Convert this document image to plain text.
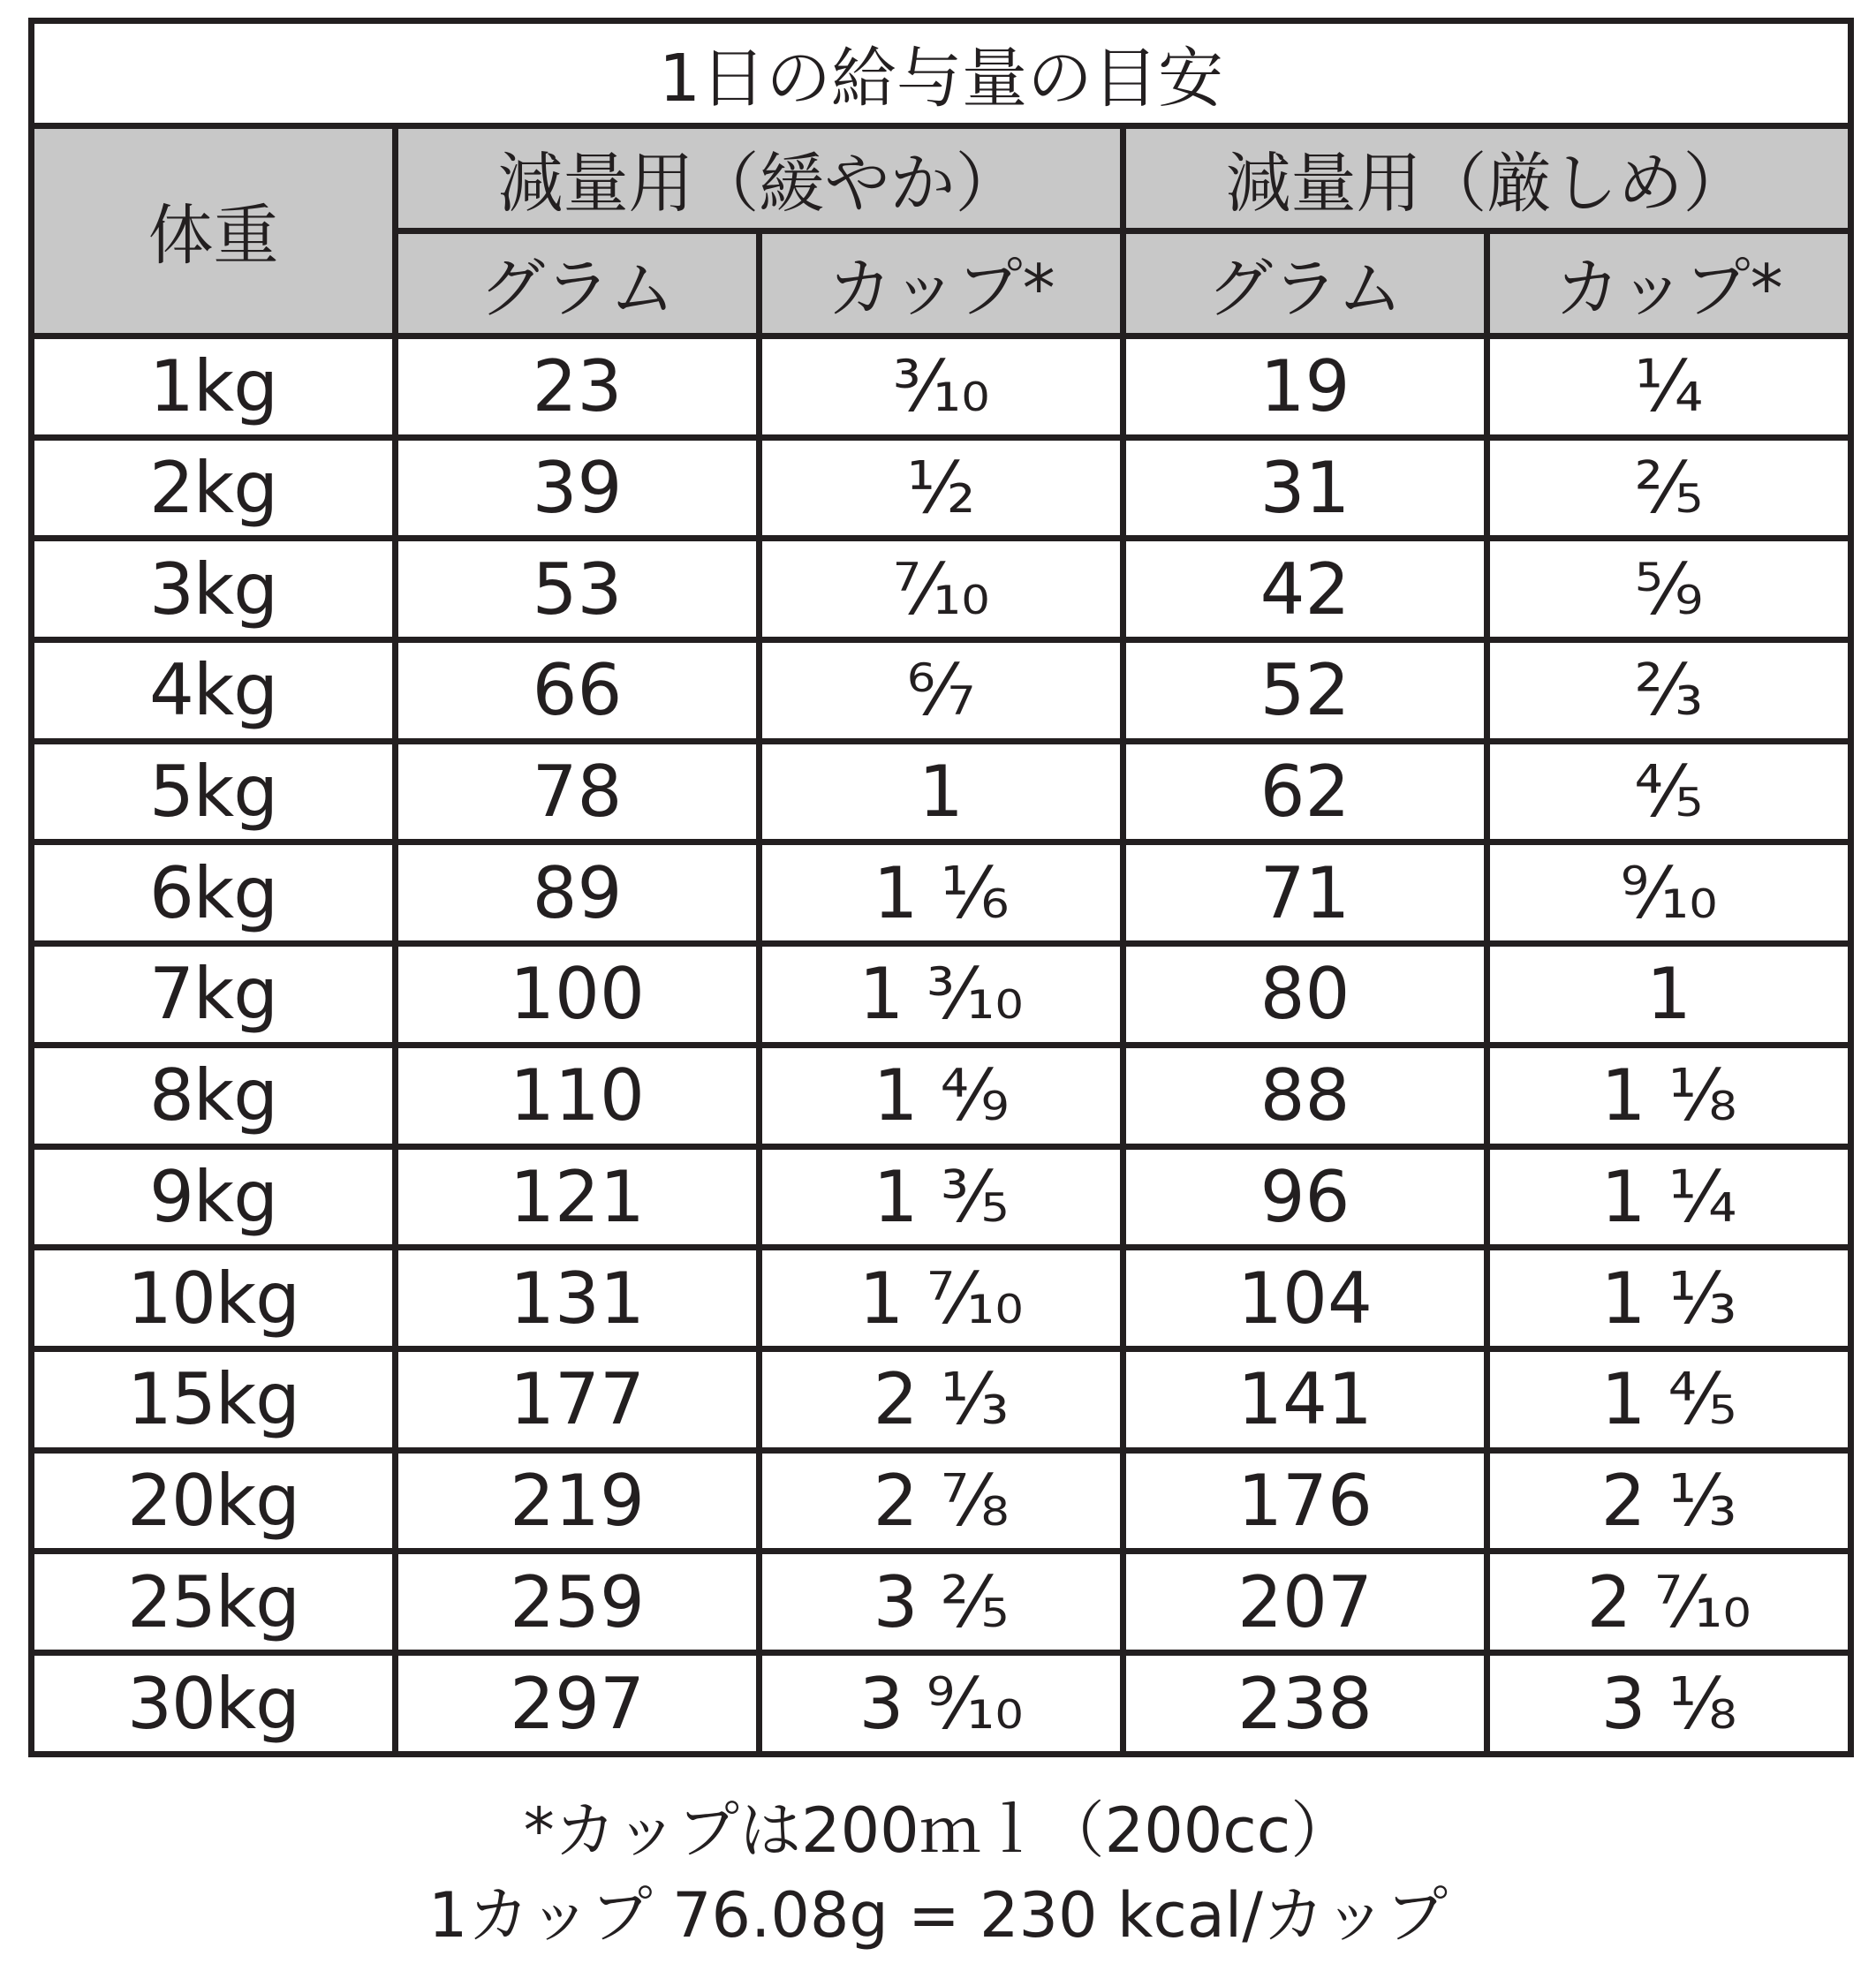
1日の給与量の目安				
体重	減量用（緩やか）		減量用（厳しめ）	
	グラム	カップ*	グラム	カップ*
1kg	23	³⁄₁₀	19	¼
2kg	39	½	31	⅖
3kg	53	⁷⁄₁₀	42	⁵⁄₉
4kg	66	⁶⁄₇	52	⅔
5kg	78	1	62	⅘
6kg	89	1 ⅙	71	⁹⁄₁₀
7kg	100	1 ³⁄₁₀	80	1
8kg	110	1 ⁴⁄₉	88	1 ⅛
9kg	121	1 ⅗	96	1 ¼
10kg	131	1 ⁷⁄₁₀	104	1 ⅓
15kg	177	2 ⅓	141	1 ⅘
20kg	219	2 ⅞	176	2 ⅓
25kg	259	3 ⅖	207	2 ⁷⁄₁₀
30kg	297	3 ⁹⁄₁₀	238	3 ⅛
*カップは200ｍｌ（200cc）
1カップ 76.08g = 230 kcal/カップ
